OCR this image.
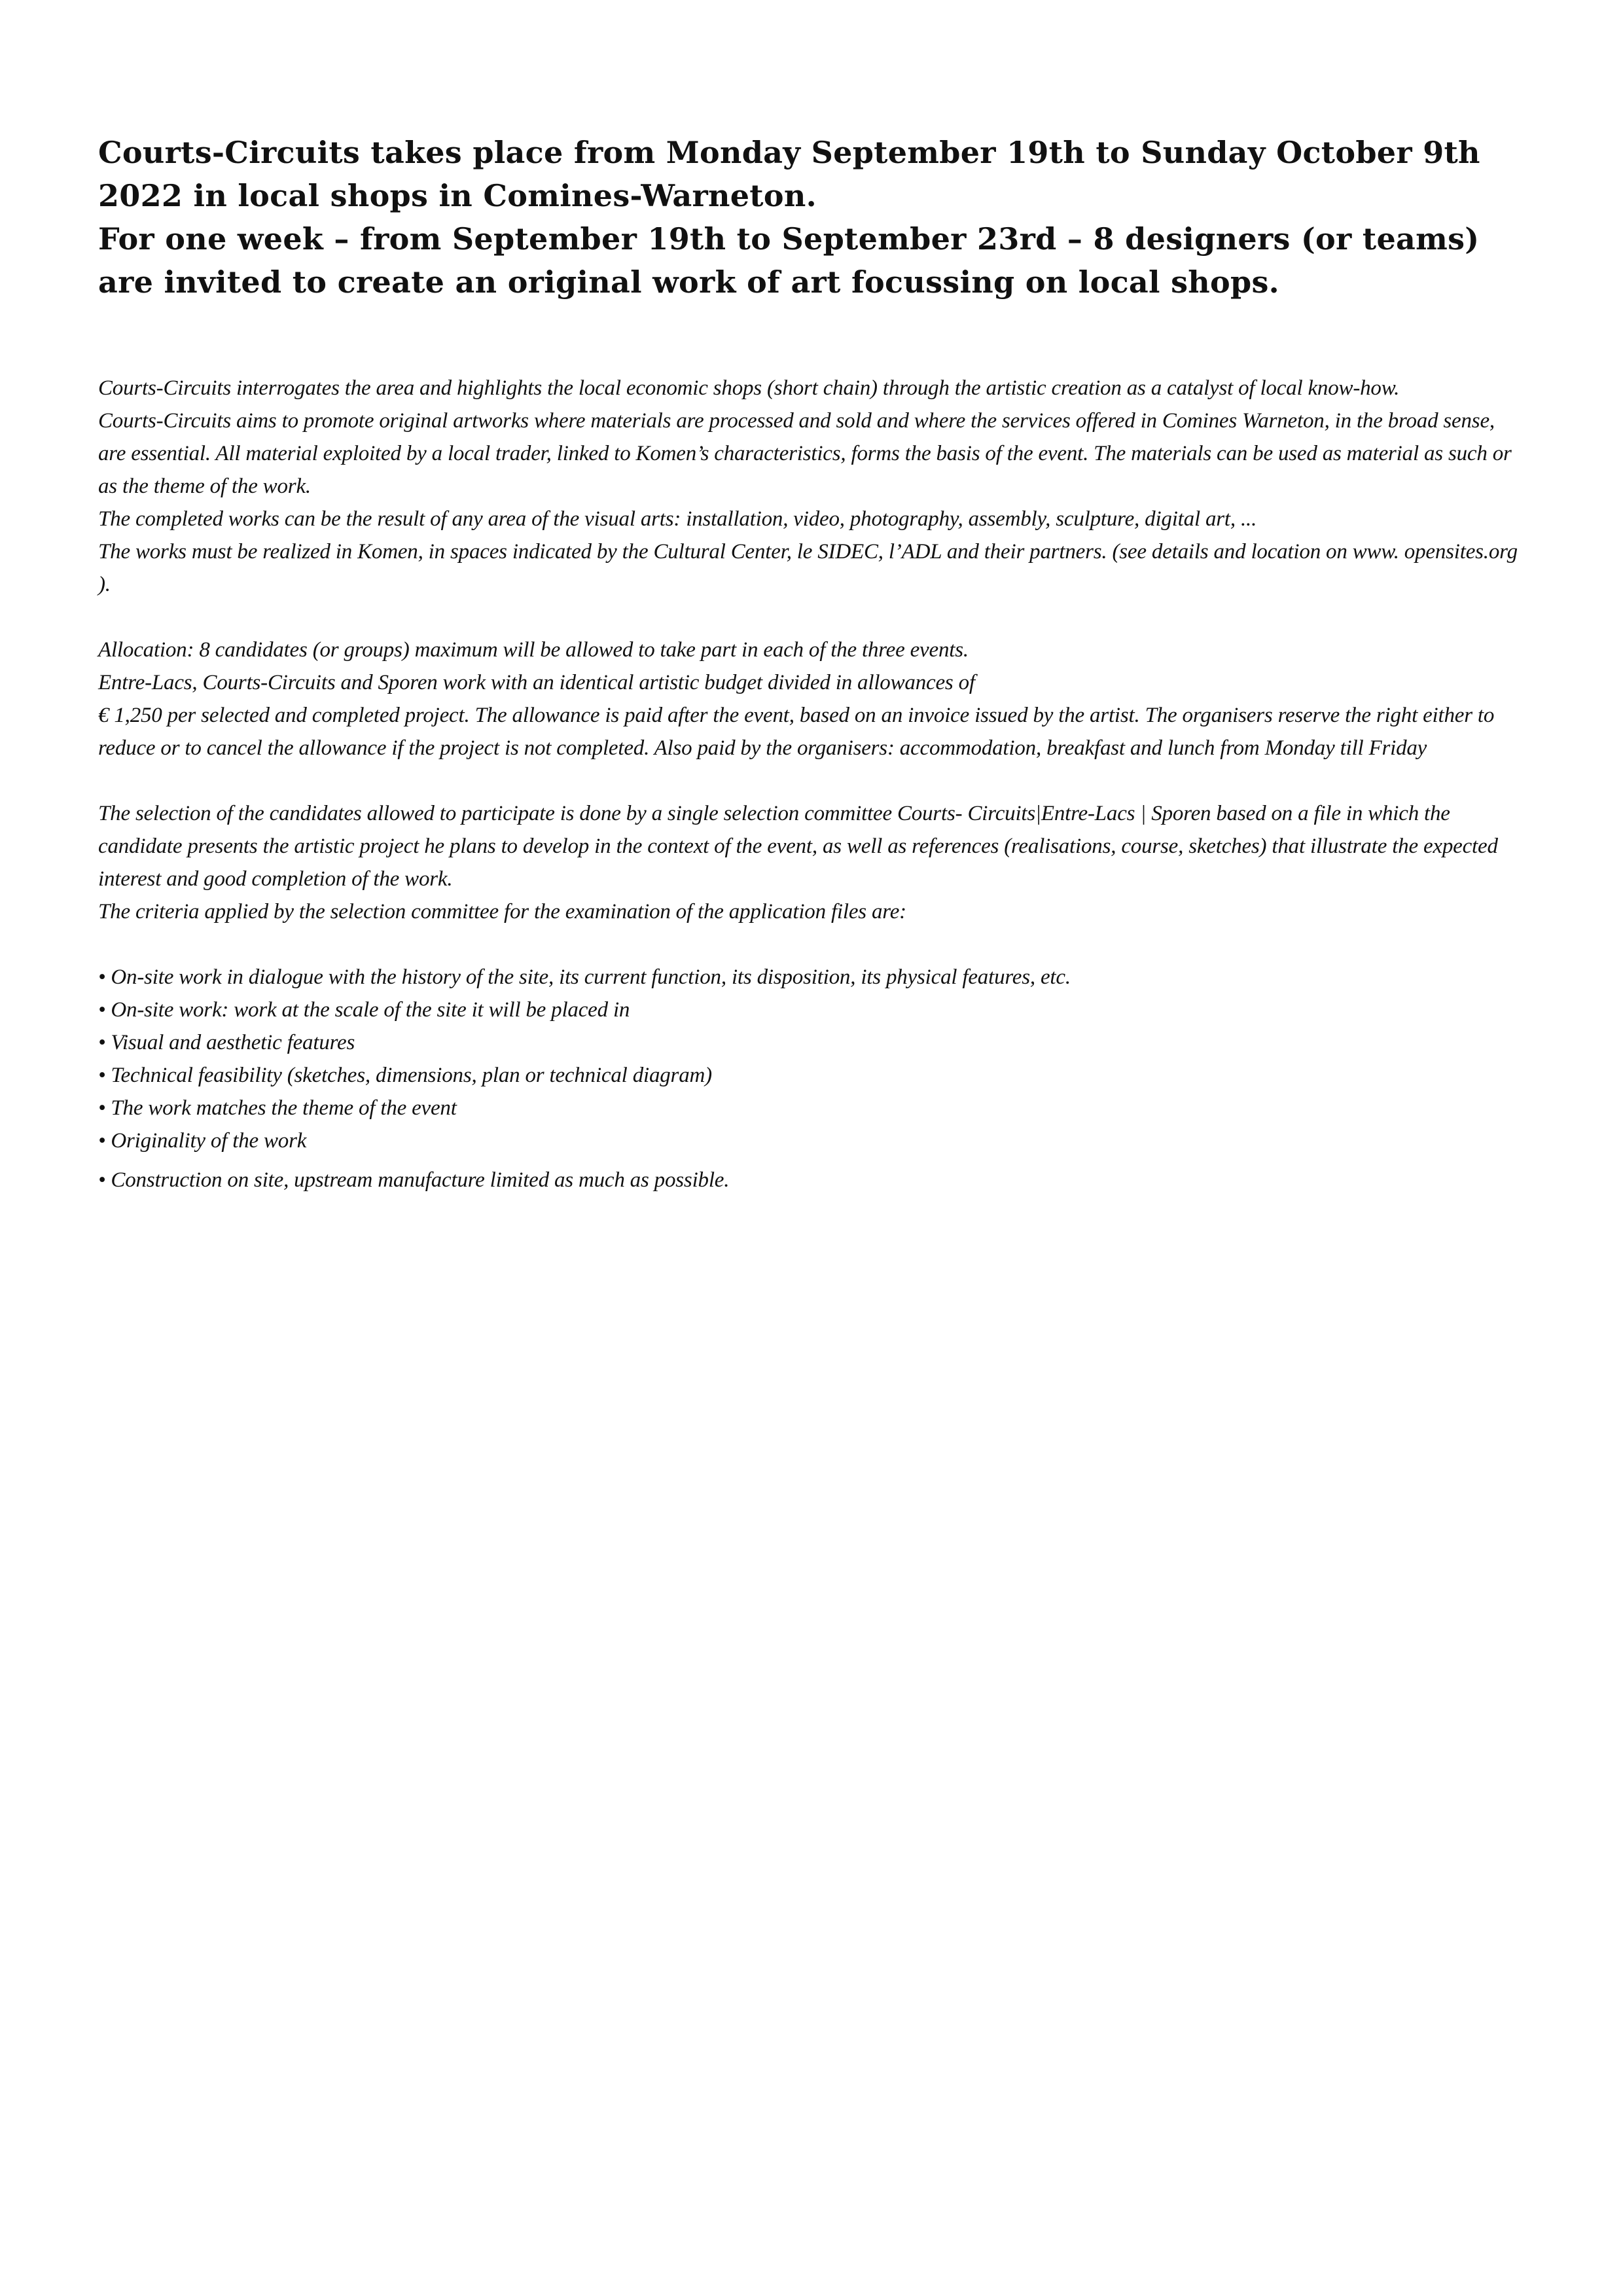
Courts-Circuits takes place from Monday September 19th to Sunday October 9th 2022 in local shops in Comines-Warneton.

For one week – from September 19th to September 23rd – 8 designers (or teams) are invited to create an original work of art focussing on local shops.

Courts-Circuits interrogates the area and highlights the local economic shops (short chain) through the artistic creation as a catalyst of local know-how.

Courts-Circuits aims to promote original artworks where materials are processed and sold and where the services offered in Comines Warneton, in the broad sense, are essential. All material exploited by a local trader, linked to Komen’s characteristics, forms the basis of the event. The materials can be used as material as such or as the theme of the work.

The completed works can be the result of any area of the visual arts: installation, video, photography, assembly, sculpture, digital art, ...

The works must be realized in Komen, in spaces indicated by the Cultural Center, le SIDEC, l’ADL and their partners. (see details and location on www. opensites.org ).

Allocation: 8 candidates (or groups) maximum will be allowed to take part in each of the three events.

Entre-Lacs, Courts-Circuits and Sporen work with an identical artistic budget divided in allowances of

€ 1,250 per selected and completed project. The allowance is paid after the event, based on an invoice issued by the artist. The organisers reserve the right either to reduce or to cancel the allowance if the project is not completed. Also paid by the organisers: accommodation, breakfast and lunch from Monday till Friday

The selection of the candidates allowed to participate is done by a single selection committee Courts- Circuits|Entre-Lacs | Sporen based on a file in which the candidate presents the artistic project he plans to develop in the context of the event, as well as references (realisations, course, sketches) that illustrate the expected interest and good completion of the work.

The criteria applied by the selection committee for the examination of the application files are:

• On-site work in dialogue with the history of the site, its current function, its disposition, its physical features, etc.
• On-site work: work at the scale of the site it will be placed in
• Visual and aesthetic features
• Technical feasibility (sketches, dimensions, plan or technical diagram)
• The work matches the theme of the event
• Originality of the work
• Construction on site, upstream manufacture limited as much as possible.
